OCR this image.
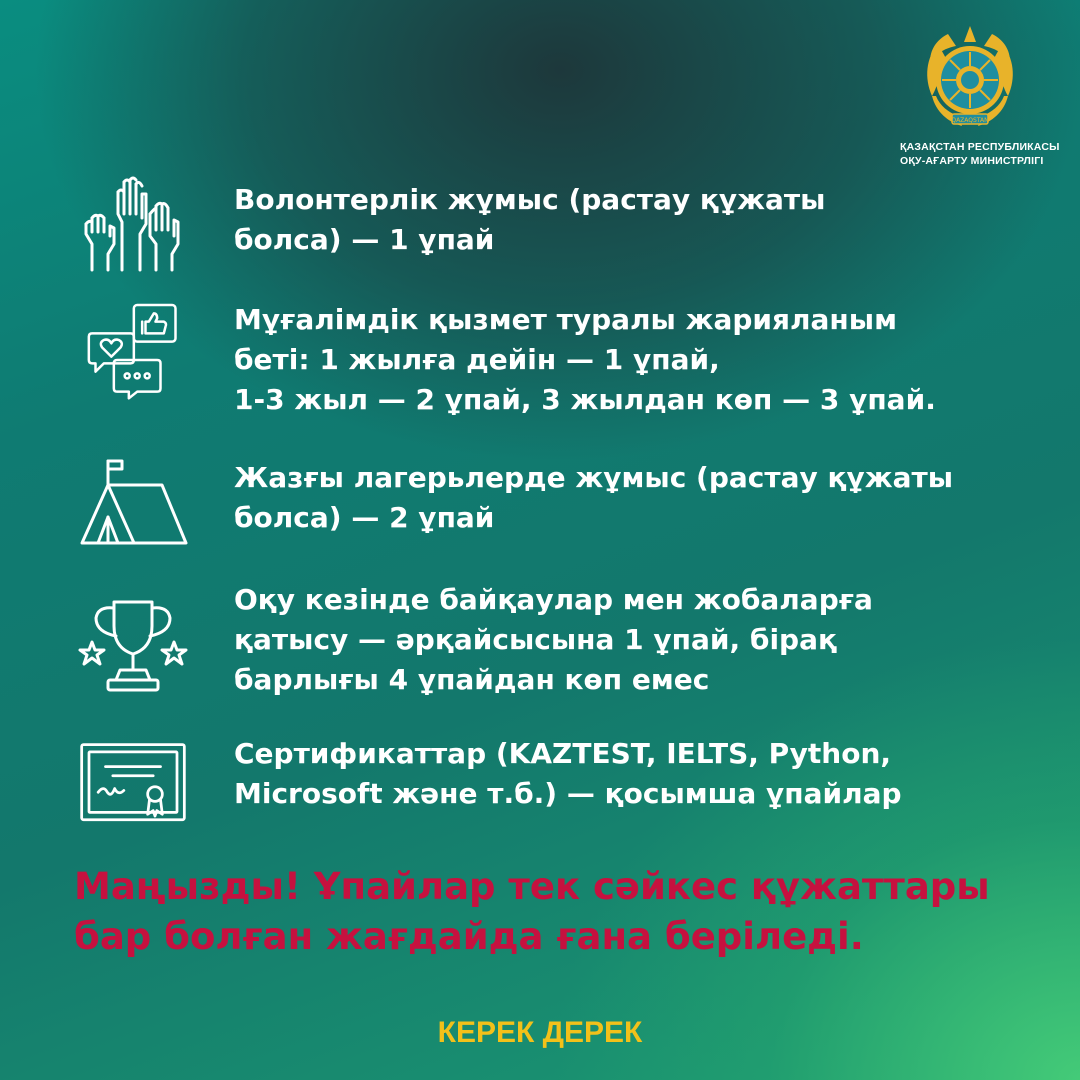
QAZAQSTAN
ҚАЗАҚСТАН РЕСПУБЛИКАСЫ
ОҚУ-АҒАРТУ МИНИСТРЛІГІ
Волонтерлік жұмыс (растау құжаты
болса) — 1 ұпай
Мұғалімдік қызмет туралы жарияланым
беті: 1 жылға дейін — 1 ұпай,
1-3 жыл — 2 ұпай, 3 жылдан көп — 3 ұпай.
Жазғы лагерьлерде жұмыс (растау құжаты
болса) — 2 ұпай
Оқу кезінде байқаулар мен жобаларға
қатысу — әрқайсысына 1 ұпай, бірақ
барлығы 4 ұпайдан көп емес
Сертификаттар (KAZTEST, IELTS, Python,
Microsoft және т.б.) — қосымша ұпайлар
Маңызды! Ұпайлар тек сәйкес құжаттары
бар болған жағдайда ғана беріледі.
КЕРЕК ДЕРЕК
